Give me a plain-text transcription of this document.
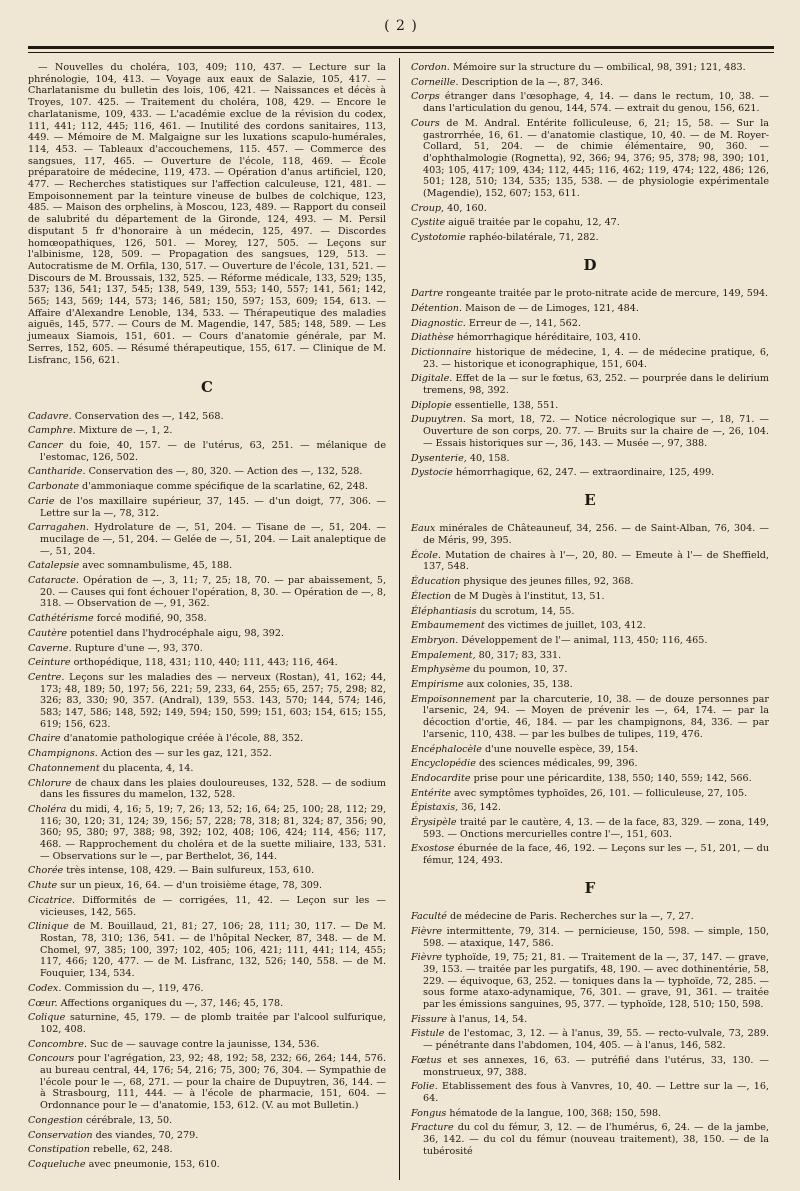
( 2 )

— Nouvelles du choléra, 103, 409; 110, 437. — Lecture sur la phrénologie, 104, 413. — Voyage aux eaux de Salazie, 105, 417. — Charlatanisme du bulletin des lois, 106, 421. — Naissances et décès à Troyes, 107. 425. — Traitement du choléra, 108, 429. — Encore le charlatanisme, 109, 433. — L'académie exclue de la révision du codex, 111, 441; 112, 445; 116, 461. — Inutilité des cordons sanitaires, 113, 449. — Mémoire de M. Malgaigne sur les luxations scapulo-humérales, 114, 453. — Tableaux d'accouchemens, 115. 457. — Commerce des sangsues, 117, 465. — Ouverture de l'école, 118, 469. — École préparatoire de médecine, 119, 473. — Opération d'anus artificiel, 120, 477. — Recherches statistiques sur l'affection calculeuse, 121, 481. — Empoisonnement par la teinture vineuse de bulbes de colchique, 123, 485. — Maison des orphelins, à Moscou, 123, 489. — Rapport du conseil de salubrité du département de la Gironde, 124, 493. — M. Persil disputant 5 fr d'honoraire à un médecin, 125, 497. — Discordes homœopathiques, 126, 501. — Morey, 127, 505. — Leçons sur l'albinisme, 128, 509. — Propagation des sangsues, 129, 513. — Autocratisme de M. Orfila, 130, 517. — Ouverture de l'école, 131, 521. — Discours de M. Broussais, 132, 525. — Réforme médicale, 133, 529; 135, 537; 136, 541; 137, 545; 138, 549, 139, 553; 140, 557; 141, 561; 142, 565; 143, 569; 144, 573; 146, 581; 150, 597; 153, 609; 154, 613. — Affaire d'Alexandre Lenoble, 134, 533. — Thérapeutique des maladies aiguës, 145, 577. — Cours de M. Magendie, 147, 585; 148, 589. — Les jumeaux Siamois, 151, 601. — Cours d'anatomie générale, par M. Serres, 152, 605. — Résumé thérapeutique, 155, 617. — Clinique de M. Lisfranc, 156, 621.

C

Cadavre. Conservation des —, 142, 568.

Camphre. Mixture de —, 1, 2.

Cancer du foie, 40, 157. — de l'utérus, 63, 251. — mélanique de l'estomac, 126, 502.

Cantharide. Conservation des —, 80, 320. — Action des —, 132, 528.

Carbonate d'ammoniaque comme spécifique de la scarlatine, 62, 248.

Carie de l'os maxillaire supérieur, 37, 145. — d'un doigt, 77, 306. — Lettre sur la —, 78, 312.

Carragahen. Hydrolature de —, 51, 204. — Tisane de —, 51, 204. — mucilage de —, 51, 204. — Gelée de —, 51, 204. — Lait analeptique de —, 51, 204.

Catalepsie avec somnambulisme, 45, 188.

Cataracte. Opération de —, 3, 11; 7, 25; 18, 70. — par abaissement, 5, 20. — Causes qui font échouer l'opération, 8, 30. — Opération de —, 8, 318. — Observation de —, 91, 362.

Cathétérisme forcé modifié, 90, 358.

Cautère potentiel dans l'hydrocéphale aigu, 98, 392.

Caverne. Rupture d'une —, 93, 370.

Ceinture orthopédique, 118, 431; 110, 440; 111, 443; 116, 464.

Centre. Leçons sur les maladies des — nerveux (Rostan), 41, 162; 44, 173; 48, 189; 50, 197; 56, 221; 59, 233, 64, 255; 65, 257; 75, 298; 82, 326; 83, 330; 90, 357. (Andral), 139, 553. 143, 570; 144, 574; 146, 583; 147, 586; 148, 592; 149, 594; 150, 599; 151, 603; 154, 615; 155, 619; 156, 623.

Chaire d'anatomie pathologique créée à l'école, 88, 352.

Champignons. Action des — sur les gaz, 121, 352.

Chatonnement du placenta, 4, 14.

Chlorure de chaux dans les plaies douloureuses, 132, 528. — de sodium dans les fissures du mamelon, 132, 528.

Choléra du midi, 4, 16; 5, 19; 7, 26; 13, 52; 16, 64; 25, 100; 28, 112; 29, 116; 30, 120; 31, 124; 39, 156; 57, 228; 78, 318; 81, 324; 87, 356; 90, 360; 95, 380; 97, 388; 98, 392; 102, 408; 106, 424; 114, 456; 117, 468. — Rapprochement du choléra et de la suette miliaire, 133, 531. — Observations sur le —, par Berthelot, 36, 144.

Chorée très intense, 108, 429. — Bain sulfureux, 153, 610.

Chute sur un pieux, 16, 64. — d'un troisième étage, 78, 309.

Cicatrice. Difformités de — corrigées, 11, 42. — Leçon sur les — vicieuses, 142, 565.

Clinique de M. Bouillaud, 21, 81; 27, 106; 28, 111; 30, 117. — De M. Rostan, 78, 310; 136, 541. — de l'hôpital Necker, 87, 348. — de M. Chomel, 97, 385; 100, 397; 102, 405; 106, 421; 111, 441; 114, 455; 117, 466; 120, 477. — de M. Lisfranc, 132, 526; 140, 558. — de M. Fouquier, 134, 534.

Codex. Commission du —, 119, 476.

Cœur. Affections organiques du —, 37, 146; 45, 178.

Colique saturnine, 45, 179. — de plomb traitée par l'alcool sulfurique, 102, 408.

Concombre. Suc de — sauvage contre la jaunisse, 134, 536.

Concours pour l'agrégation, 23, 92; 48, 192; 58, 232; 66, 264; 144, 576. au bureau central, 44, 176; 54, 216; 75, 300; 76, 304. — Sympathie de l'école pour le —, 68, 271. — pour la chaire de Dupuytren, 36, 144. — à Strasbourg, 111, 444. — à l'école de pharmacie, 151, 604. — Ordonnance pour le — d'anatomie, 153, 612. (V. au mot Bulletin.)

Congestion cérébrale, 13, 50.

Conservation des viandes, 70, 279.

Constipation rebelle, 62, 248.

Coqueluche avec pneumonie, 153, 610.

Cordon. Mémoire sur la structure du — ombilical, 98, 391; 121, 483.

Corneille. Description de la —, 87, 346.

Corps étranger dans l'œsophage, 4, 14. — dans le rectum, 10, 38. — dans l'articulation du genou, 144, 574. — extrait du genou, 156, 621.

Cours de M. Andral. Entérite folliculeuse, 6, 21; 15, 58. — Sur la gastrorrhée, 16, 61. — d'anatomie clastique, 10, 40. — de M. Royer-Collard, 51, 204. — de chimie élémentaire, 90, 360. — d'ophthalmologie (Rognetta), 92, 366; 94, 376; 95, 378; 98, 390; 101, 403; 105, 417; 109, 434; 112, 445; 116, 462; 119, 474; 122, 486; 126, 501; 128, 510; 134, 535; 135, 538. — de physiologie expérimentale (Magendie), 152, 607; 153, 611.

Croup, 40, 160.

Cystite aiguë traitée par le copahu, 12, 47.

Cystotomie raphéo-bilatérale, 71, 282.

D

Dartre rongeante traitée par le proto-nitrate acide de mercure, 149, 594.

Détention. Maison de — de Limoges, 121, 484.

Diagnostic. Erreur de —, 141, 562.

Diathèse hémorrhagique héréditaire, 103, 410.

Dictionnaire historique de médecine, 1, 4. — de médecine pratique, 6, 23. — historique et iconographique, 151, 604.

Digitale. Effet de la — sur le fœtus, 63, 252. — pourprée dans le delirium tremens, 98, 392.

Diplopie essentielle, 138, 551.

Dupuytren. Sa mort, 18, 72. — Notice nécrologique sur —, 18, 71. — Ouverture de son corps, 20. 77. — Bruits sur la chaire de —, 26, 104. — Essais historiques sur —, 36, 143. — Musée —, 97, 388.

Dysenterie, 40, 158.

Dystocie hémorrhagique, 62, 247. — extraordinaire, 125, 499.

E

Eaux minérales de Châteauneuf, 34, 256. — de Saint-Alban, 76, 304. — de Méris, 99, 395.

École. Mutation de chaires à l'—, 20, 80. — Emeute à l'— de Sheffield, 137, 548.

Éducation physique des jeunes filles, 92, 368.

Élection de M Dugès à l'institut, 13, 51.

Éléphantiasis du scrotum, 14, 55.

Embaumement des victimes de juillet, 103, 412.

Embryon. Développement de l'— animal, 113, 450; 116, 465.

Empalement, 80, 317; 83, 331.

Emphysème du poumon, 10, 37.

Empirisme aux colonies, 35, 138.

Empoisonnement par la charcuterie, 10, 38. — de douze personnes par l'arsenic, 24, 94. — Moyen de prévenir les —, 64, 174. — par la décoction d'ortie, 46, 184. — par les champignons, 84, 336. — par l'arsenic, 110, 438. — par les bulbes de tulipes, 119, 476.

Encéphalocèle d'une nouvelle espèce, 39, 154.

Encyclopédie des sciences médicales, 99, 396.

Endocardite prise pour une péricardite, 138, 550; 140, 559; 142, 566.

Entérite avec symptômes typhoïdes, 26, 101. — folliculeuse, 27, 105.

Épistaxis, 36, 142.

Érysipèle traité par le cautère, 4, 13. — de la face, 83, 329. — zona, 149, 593. — Onctions mercurielles contre l'—, 151, 603.

Exostose éburnée de la face, 46, 192. — Leçons sur les —, 51, 201, — du fémur, 124, 493.

F

Faculté de médecine de Paris. Recherches sur la —, 7, 27.

Fièvre intermittente, 79, 314. — pernicieuse, 150, 598. — simple, 150, 598. — ataxique, 147, 586.

Fièvre typhoïde, 19, 75; 21, 81. — Traitement de la —, 37, 147. — grave, 39, 153. — traitée par les purgatifs, 48, 190. — avec dothinentérie, 58, 229. — équivoque, 63, 252. — toniques dans la — typhoïde, 72, 285. — sous forme ataxo-adynamique, 76, 301. — grave, 91, 361. — traitée par les émissions sanguines, 95, 377. — typhoïde, 128, 510; 150, 598.

Fissure à l'anus, 14, 54.

Fistule de l'estomac, 3, 12. — à l'anus, 39, 55. — recto-vulvale, 73, 289. — pénétrante dans l'abdomen, 104, 405. — à l'anus, 146, 582.

Fœtus et ses annexes, 16, 63. — putréfié dans l'utérus, 33, 130. — monstrueux, 97, 388.

Folie. Etablissement des fous à Vanvres, 10, 40. — Lettre sur la —, 16, 64.

Fongus hématode de la langue, 100, 368; 150, 598.

Fracture du col du fémur, 3, 12. — de l'humérus, 6, 24. — de la jambe, 36, 142. — du col du fémur (nouveau traitement), 38, 150. — de la tubérosité
